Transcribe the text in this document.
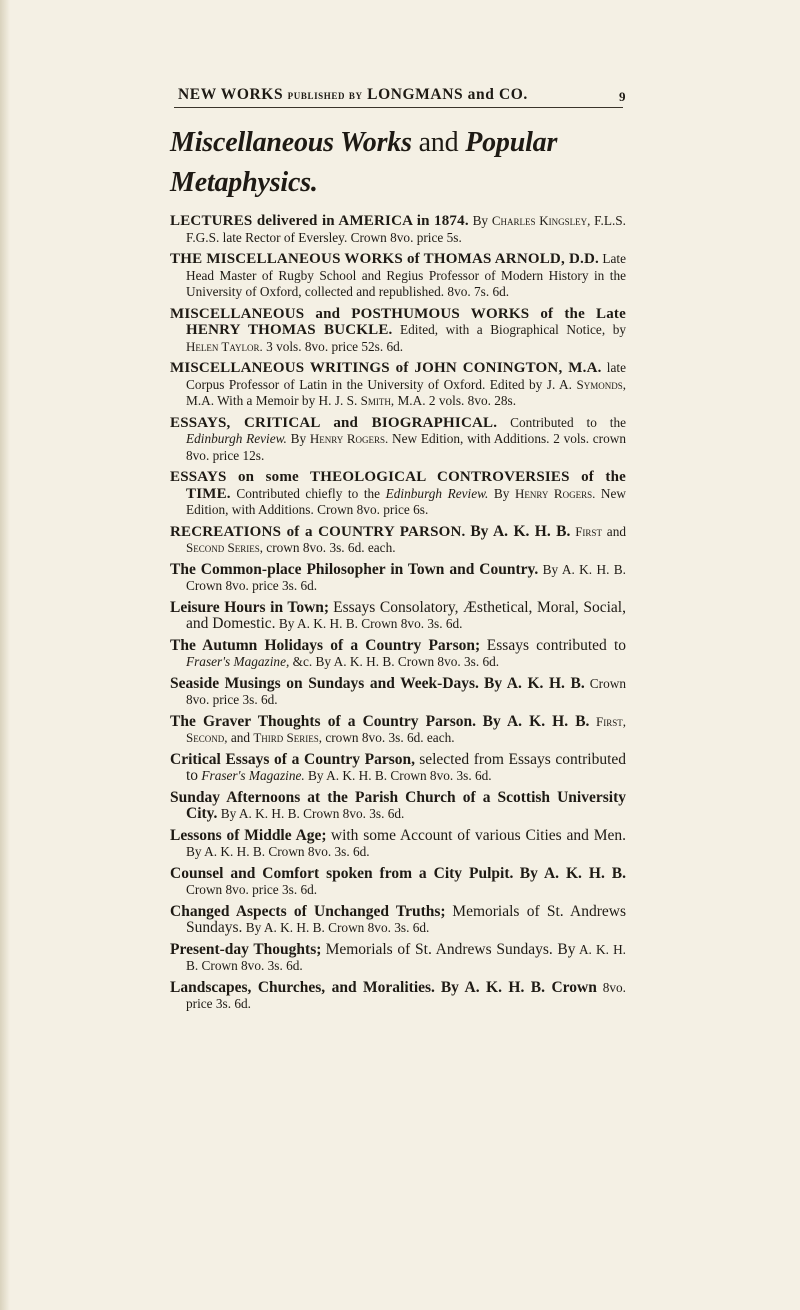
NEW WORKS published by LONGMANS and CO.	9
Miscellaneous Works and Popular Metaphysics.

LECTURES delivered in AMERICA in 1874. By Charles Kingsley, F.L.S. F.G.S. late Rector of Eversley. Crown 8vo. price 5s.

THE MISCELLANEOUS WORKS of THOMAS ARNOLD, D.D. Late Head Master of Rugby School and Regius Professor of Modern History in the University of Oxford, collected and republished. 8vo. 7s. 6d.

MISCELLANEOUS and POSTHUMOUS WORKS of the Late HENRY THOMAS BUCKLE. Edited, with a Biographical Notice, by Helen Taylor. 3 vols. 8vo. price 52s. 6d.

MISCELLANEOUS WRITINGS of JOHN CONINGTON, M.A. late Corpus Professor of Latin in the University of Oxford. Edited by J. A. Symonds, M.A. With a Memoir by H. J. S. Smith, M.A. 2 vols. 8vo. 28s.

ESSAYS, CRITICAL and BIOGRAPHICAL. Contributed to the Edinburgh Review. By Henry Rogers. New Edition, with Additions. 2 vols. crown 8vo. price 12s.

ESSAYS on some THEOLOGICAL CONTROVERSIES of the TIME. Contributed chiefly to the Edinburgh Review. By Henry Rogers. New Edition, with Additions. Crown 8vo. price 6s.

RECREATIONS of a COUNTRY PARSON. By A. K. H. B. First and Second Series, crown 8vo. 3s. 6d. each.

The Common-place Philosopher in Town and Country. By A. K. H. B. Crown 8vo. price 3s. 6d.

Leisure Hours in Town; Essays Consolatory, Æsthetical, Moral, Social, and Domestic. By A. K. H. B. Crown 8vo. 3s. 6d.

The Autumn Holidays of a Country Parson; Essays contributed to Fraser's Magazine, &c. By A. K. H. B. Crown 8vo. 3s. 6d.

Seaside Musings on Sundays and Week-Days. By A. K. H. B. Crown 8vo. price 3s. 6d.

The Graver Thoughts of a Country Parson. By A. K. H. B. First, Second, and Third Series, crown 8vo. 3s. 6d. each.

Critical Essays of a Country Parson, selected from Essays contributed to Fraser's Magazine. By A. K. H. B. Crown 8vo. 3s. 6d.

Sunday Afternoons at the Parish Church of a Scottish University City. By A. K. H. B. Crown 8vo. 3s. 6d.

Lessons of Middle Age; with some Account of various Cities and Men. By A. K. H. B. Crown 8vo. 3s. 6d.

Counsel and Comfort spoken from a City Pulpit. By A. K. H. B. Crown 8vo. price 3s. 6d.

Changed Aspects of Unchanged Truths; Memorials of St. Andrews Sundays. By A. K. H. B. Crown 8vo. 3s. 6d.

Present-day Thoughts; Memorials of St. Andrews Sundays. By A. K. H. B. Crown 8vo. 3s. 6d.

Landscapes, Churches, and Moralities. By A. K. H. B. Crown 8vo. price 3s. 6d.
